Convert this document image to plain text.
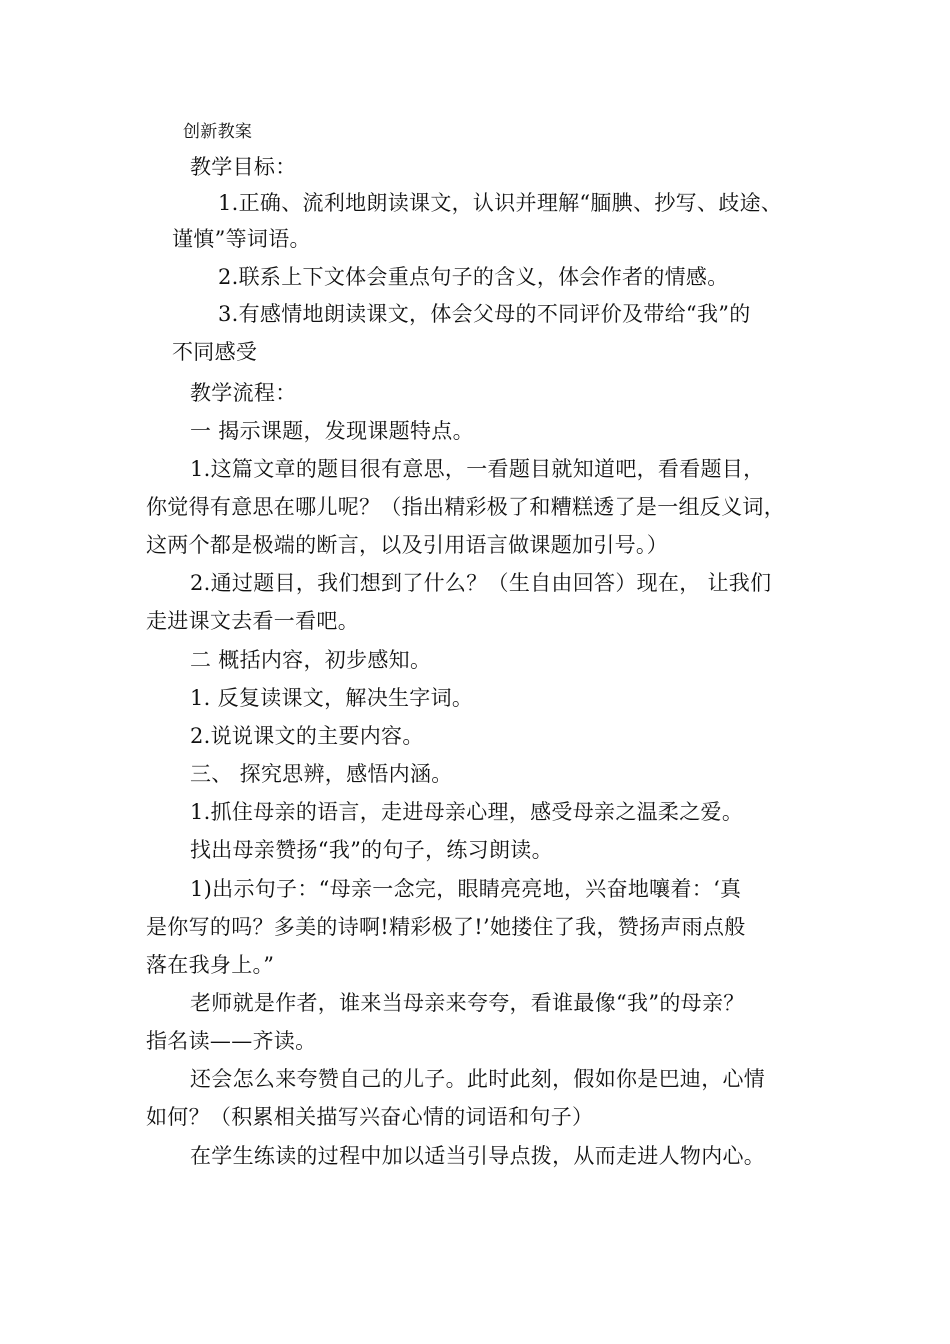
创新教案
教学目标：
1.正确、流利地朗读课文，认识并理解“腼腆、抄写、歧途、
谨慎”等词语。
2.联系上下文体会重点句子的含义，体会作者的情感。
3.有感情地朗读课文，体会父母的不同评价及带给“我”的
不同感受
教学流程：
一 揭示课题，发现课题特点。
1.这篇文章的题目很有意思，一看题目就知道吧，看看题目，
你觉得有意思在哪儿呢？（指出精彩极了和糟糕透了是一组反义词，
这两个都是极端的断言，以及引用语言做课题加引号。）
2.通过题目，我们想到了什么？（生自由回答）现在， 让我们
走进课文去看一看吧。
二 概括内容，初步感知。
1. 反复读课文，解决生字词。
2.说说课文的主要内容。
三、 探究思辨，感悟内涵。
1.抓住母亲的语言，走进母亲心理，感受母亲之温柔之爱。
找出母亲赞扬“我”的句子，练习朗读。
1)出示句子：“母亲一念完，眼睛亮亮地，兴奋地嚷着：‘真
是你写的吗？多美的诗啊!精彩极了!’她搂住了我，赞扬声雨点般
落在我身上。”
老师就是作者，谁来当母亲来夸夸，看谁最像“我”的母亲？
指名读——齐读。
还会怎么来夸赞自己的儿子。此时此刻，假如你是巴迪，心情
如何？（积累相关描写兴奋心情的词语和句子）
在学生练读的过程中加以适当引导点拨，从而走进人物内心。
